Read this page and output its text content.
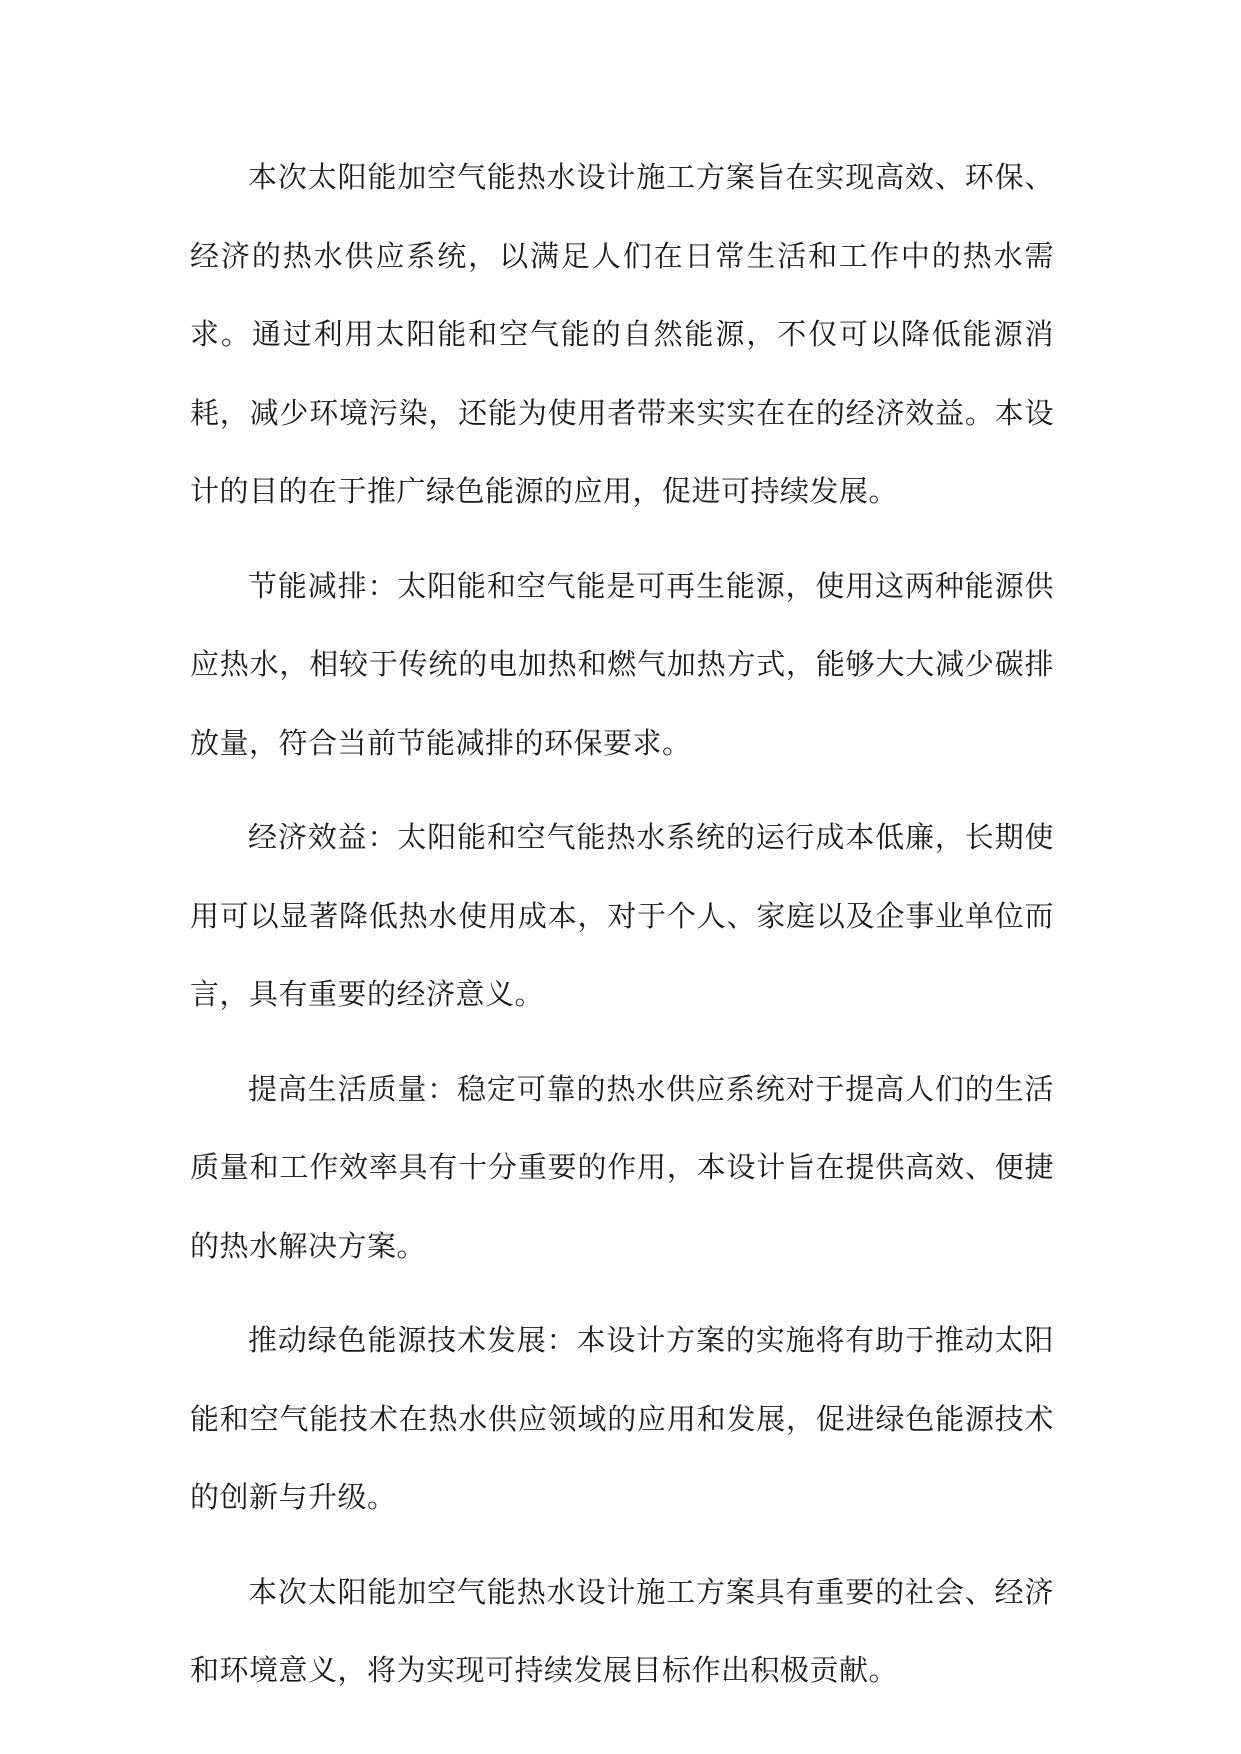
本次太阳能加空气能热水设计施工方案旨在实现高效、环保、经济的热水供应系统，以满足人们在日常生活和工作中的热水需求。通过利用太阳能和空气能的自然能源，不仅可以降低能源消耗，减少环境污染，还能为使用者带来实实在在的经济效益。本设计的目的在于推广绿色能源的应用，促进可持续发展。

节能减排：太阳能和空气能是可再生能源，使用这两种能源供应热水，相较于传统的电加热和燃气加热方式，能够大大减少碳排放量，符合当前节能减排的环保要求。

经济效益：太阳能和空气能热水系统的运行成本低廉，长期使用可以显著降低热水使用成本，对于个人、家庭以及企事业单位而言，具有重要的经济意义。

提高生活质量：稳定可靠的热水供应系统对于提高人们的生活质量和工作效率具有十分重要的作用，本设计旨在提供高效、便捷的热水解决方案。

推动绿色能源技术发展：本设计方案的实施将有助于推动太阳能和空气能技术在热水供应领域的应用和发展，促进绿色能源技术的创新与升级。

本次太阳能加空气能热水设计施工方案具有重要的社会、经济和环境意义，将为实现可持续发展目标作出积极贡献。
